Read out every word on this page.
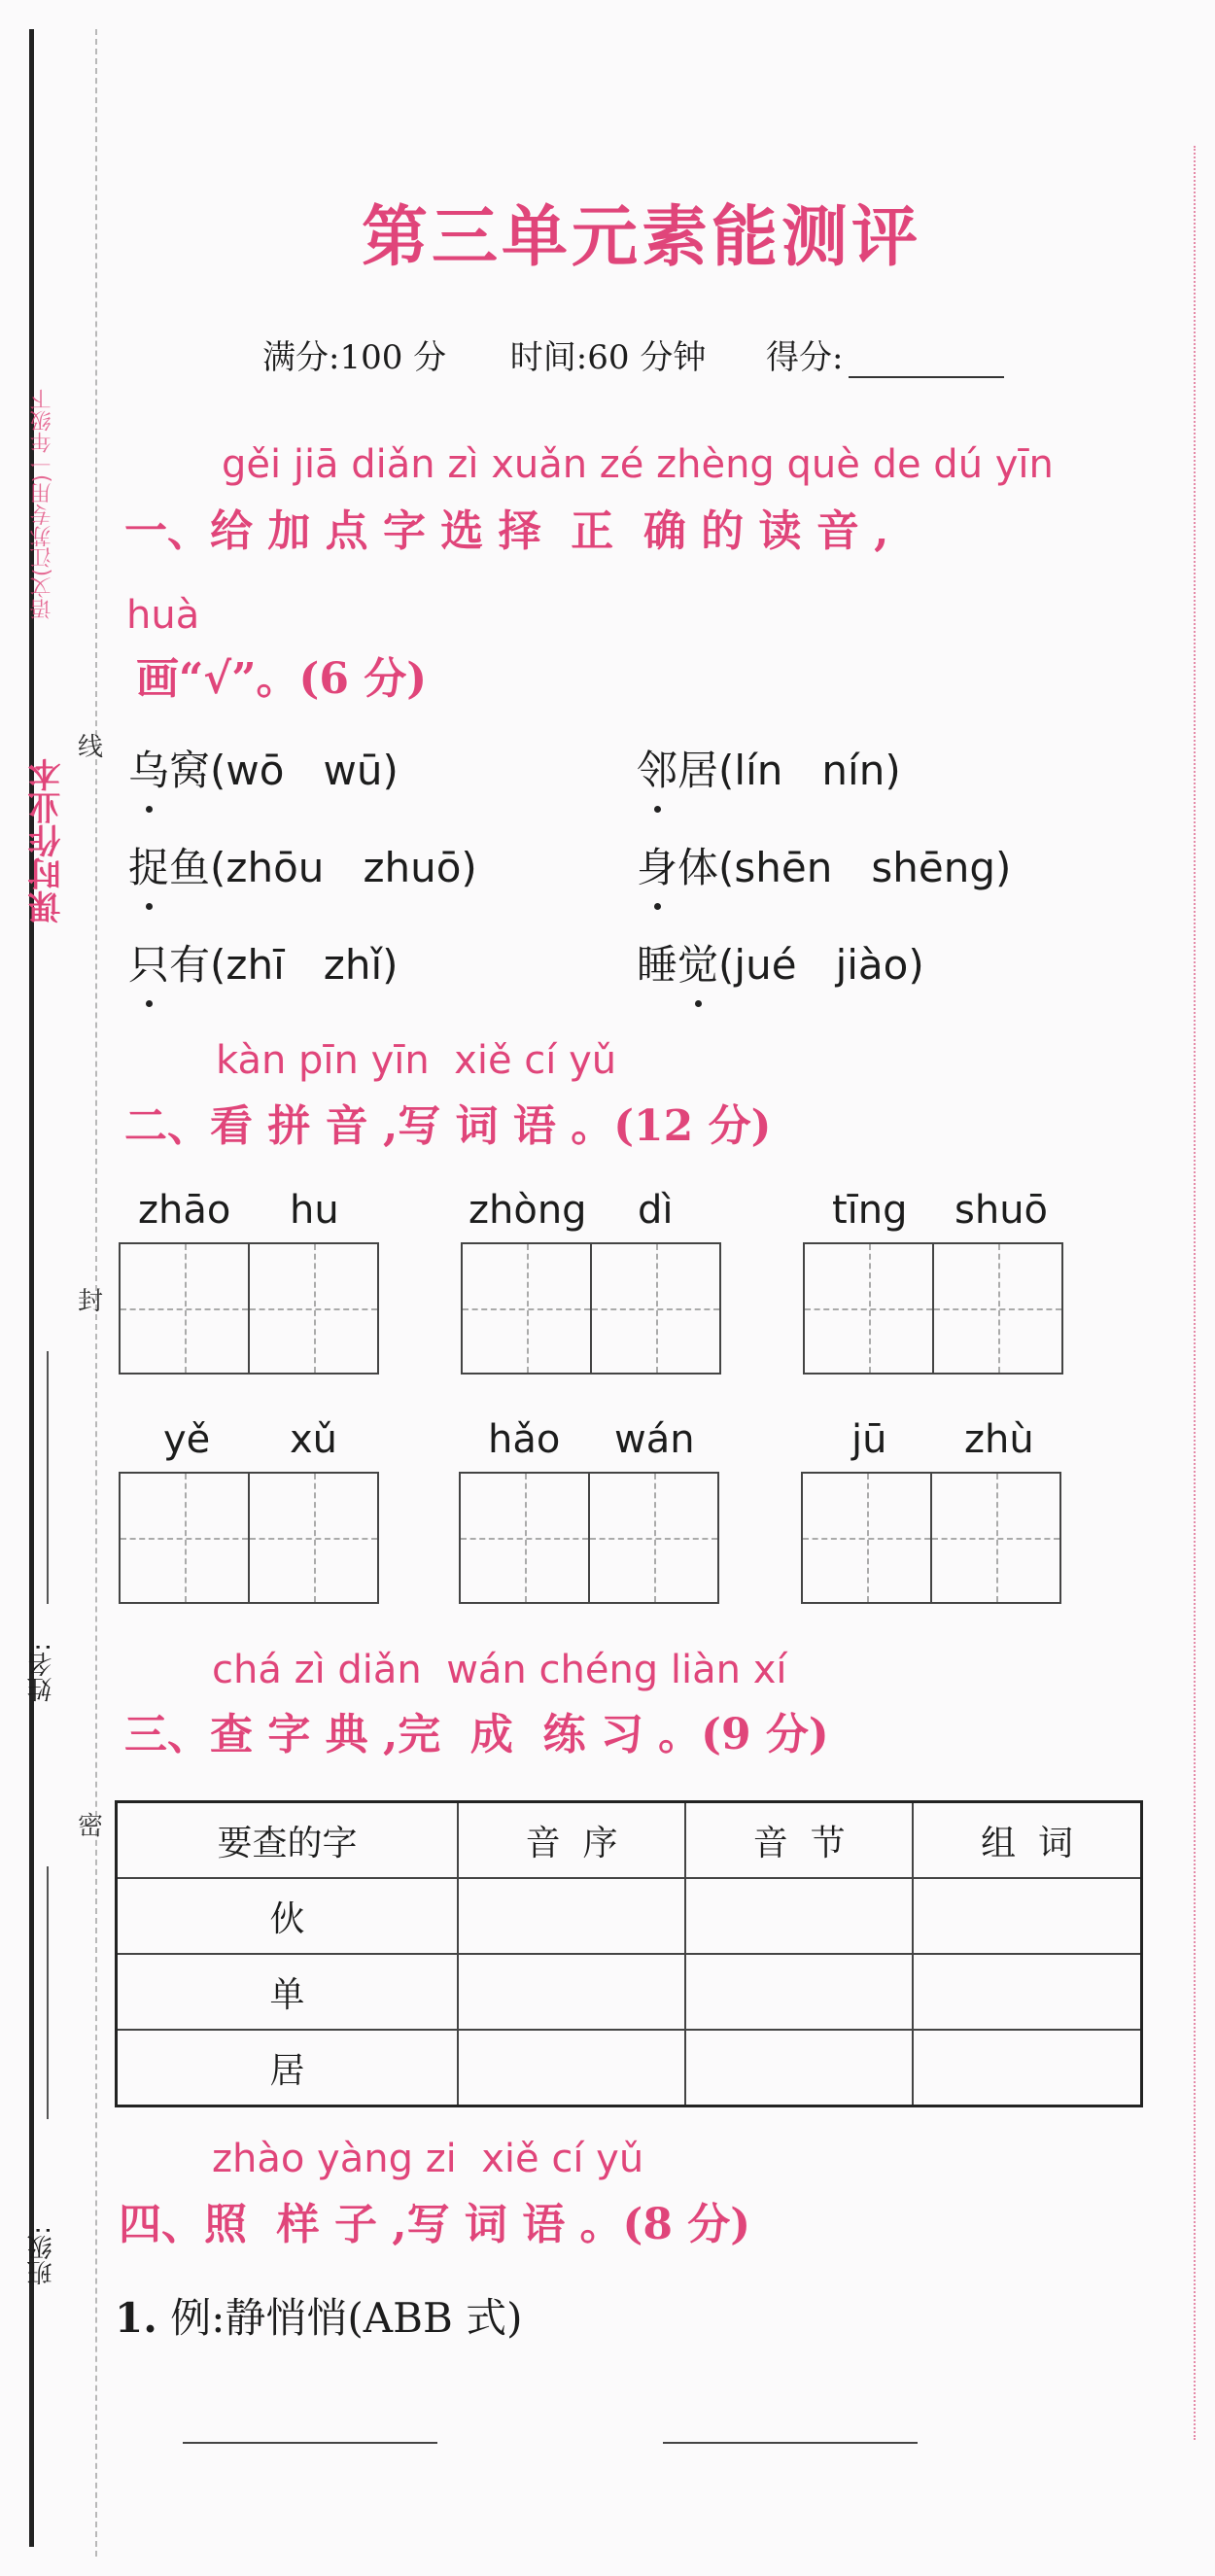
课时作业本
语文(江苏专用)一年级下
线
封
密
姓名:
班级:
第三单元素能测评
满分:100 分 时间:60 分钟 得分:
gěi jiā diǎn zì xuǎn zé zhèng què de dú yīn
一、给 加 点 字 选 择  正  确 的 读 音 ,
huà
画“√”。(6 分)
乌窝(wō   wū)	邻居(lín   nín)
捉鱼(zhōu   zhuō)	身体(shēn   shēng)
只有(zhī   zhǐ)	睡觉(jué   jiào)
kàn pīn yīn  xiě cí yǔ
二、看 拼 音 ,写 词 语 。(12 分)
zhāo hu	zhòng dì	tīng shuō
yě xǔ	hǎo wán	jū zhù
chá zì diǎn  wán chéng liàn xí
三、查 字 典 ,完  成  练 习 。(9 分)
要查的字	音  序	音  节	组  词
伙			
单			
居			
zhào yàng zi  xiě cí yǔ
四、照  样 子 ,写 词 语 。(8 分)
1. 例:静悄悄(ABB 式)
